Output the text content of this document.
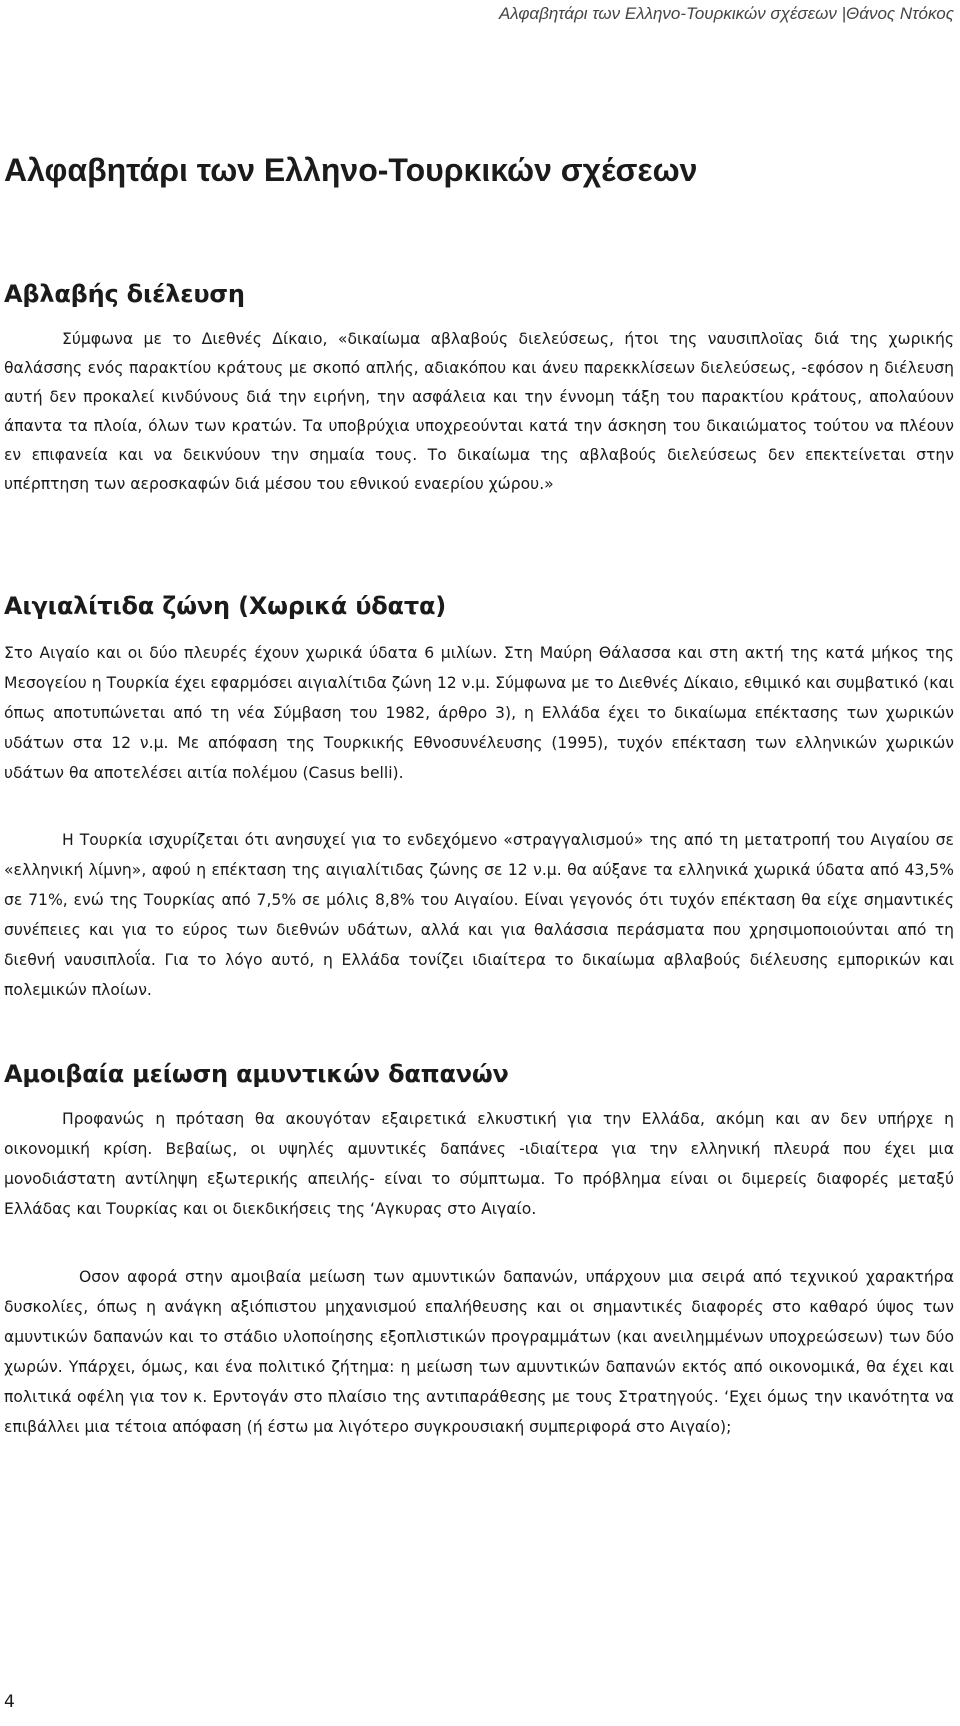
Αλφαβητάρι των Ελληνο-Τουρκικών σχέσεων |Θάνος Ντόκος
Αλφαβητάρι των Ελληνο-Τουρκικών σχέσεων
Αβλαβής διέλευση

Σύμφωνα με το Διεθνές Δίκαιο, «δικαίωμα αβλαβούς διελεύσεως, ήτοι της ναυσιπλοϊας διά της χωρικής θαλάσσης ενός παρακτίου κράτους με σκοπό απλής, αδιακόπου και άνευ παρεκκλίσεων διελεύσεως, -εφόσον η διέλευση αυτή δεν προκαλεί κινδύνους διά την ειρήνη, την ασφάλεια και την έννομη τάξη του παρακτίου κράτους, απολαύουν άπαντα τα πλοία, όλων των κρατών. Τα υποβρύχια υποχρεούνται κατά την άσκηση του δικαιώματος τούτου να πλέουν εν επιφανεία και να δεικνύουν την σημαία τους. Το δικαίωμα της αβλαβούς διελεύσεως δεν επεκτείνεται στην υπέρπτηση των αεροσκαφών διά μέσου του εθνικού εναερίου χώρου.»

Αιγιαλίτιδα ζώνη (Χωρικά ύδατα)

Στο Αιγαίο και οι δύο πλευρές έχουν χωρικά ύδατα 6 μιλίων. Στη Μαύρη Θάλασσα και στη ακτή της κατά μήκος της Μεσογείου η Τουρκία έχει εφαρμόσει αιγιαλίτιδα ζώνη 12 ν.μ. Σύμφωνα με το Διεθνές Δίκαιο, εθιμικό και συμβατικό (και όπως αποτυπώνεται από τη νέα Σύμβαση του 1982, άρθρο 3), η Ελλάδα έχει το δικαίωμα επέκτασης των χωρικών υδάτων στα 12 ν.μ. Με απόφαση της Τουρκικής Εθνοσυνέλευσης (1995), τυχόν επέκταση των ελληνικών χωρικών υδάτων θα αποτελέσει αιτία πολέμου (Casus belli).

Η Τουρκία ισχυρίζεται ότι ανησυχεί για το ενδεχόμενο «στραγγαλισμού» της από τη μετατροπή του Αιγαίου σε «ελληνική λίμνη», αφού η επέκταση της αιγιαλίτιδας ζώνης σε 12 ν.μ. θα αύξανε τα ελληνικά χωρικά ύδατα από 43,5% σε 71%, ενώ της Τουρκίας από 7,5% σε μόλις 8,8% του Αιγαίου. Είναι γεγονός ότι τυχόν επέκταση θα είχε σημαντικές συνέπειες και για το εύρος των διεθνών υδάτων, αλλά και για θαλάσσια περάσματα που χρησιμοποιούνται από τη διεθνή ναυσιπλοΐα. Για το λόγο αυτό, η Ελλάδα τονίζει ιδιαίτερα το δικαίωμα αβλαβούς διέλευσης εμπορικών και πολεμικών πλοίων.

Αμοιβαία μείωση αμυντικών δαπανών

Προφανώς η πρόταση θα ακουγόταν εξαιρετικά ελκυστική για την Ελλάδα, ακόμη και αν δεν υπήρχε η οικονομική κρίση. Βεβαίως, οι υψηλές αμυντικές δαπάνες -ιδιαίτερα για την ελληνική πλευρά που έχει μια μονοδιάστατη αντίληψη εξωτερικής απειλής- είναι το σύμπτωμα. Το πρόβλημα είναι οι διμερείς διαφορές μεταξύ Ελλάδας και Τουρκίας και οι διεκδικήσεις της ‘Αγκυρας στο Αιγαίο.

Οσον αφορά στην αμοιβαία μείωση των αμυντικών δαπανών, υπάρχουν μια σειρά από τεχνικού χαρακτήρα δυσκολίες, όπως η ανάγκη αξιόπιστου μηχανισμού επαλήθευσης και οι σημαντικές διαφορές στο καθαρό ύψος των αμυντικών δαπανών και το στάδιο υλοποίησης εξοπλιστικών προγραμμάτων (και ανειλημμένων υποχρεώσεων) των δύο χωρών. Υπάρχει, όμως, και ένα πολιτικό ζήτημα: η μείωση των αμυντικών δαπανών εκτός από οικονομικά, θα έχει και πολιτικά οφέλη για τον κ. Ερντογάν στο πλαίσιο της αντιπαράθεσης με τους Στρατηγούς. ‘Εχει όμως την ικανότητα να επιβάλλει μια τέτοια απόφαση (ή έστω μα λιγότερο συγκρουσιακή συμπεριφορά στο Αιγαίο);

4
